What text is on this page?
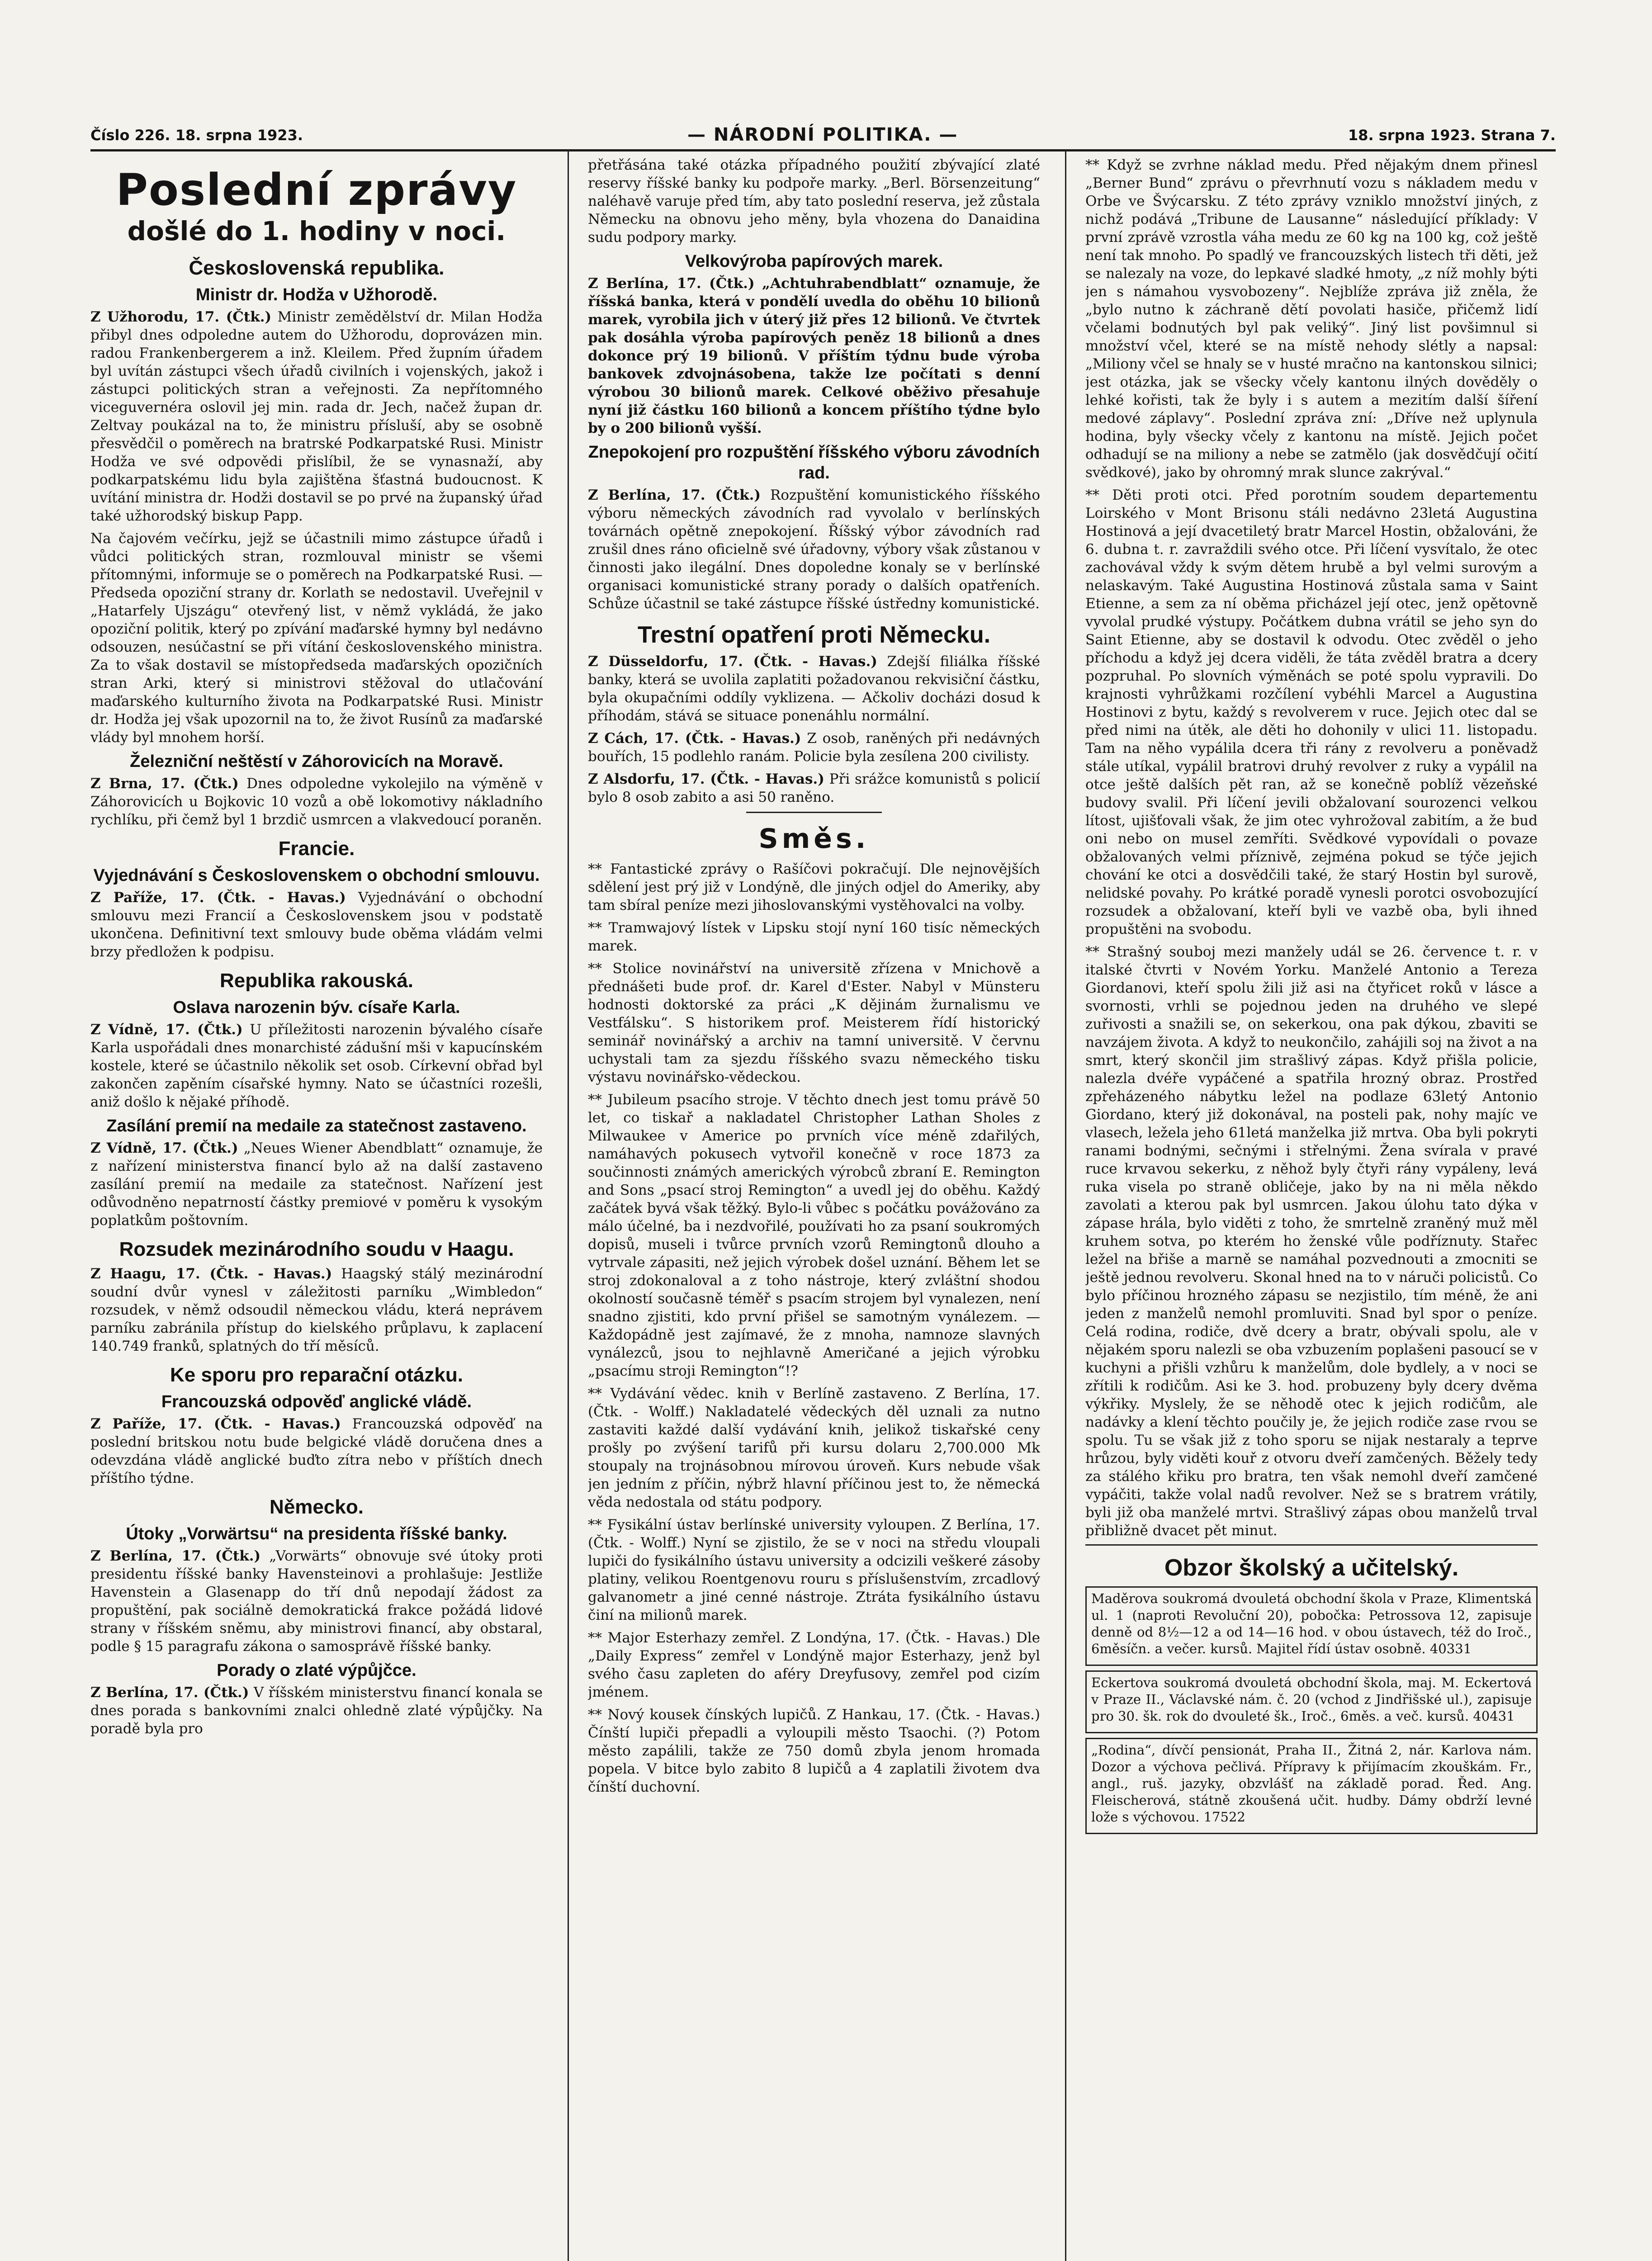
Číslo 226. 18. srpna 1923.	— NÁRODNÍ POLITIKA. —	18. srpna 1923. Strana 7.
Poslední zprávy
došlé do 1. hodiny v noci.
Československá republika.
Ministr dr. Hodža v Užhorodě.

Z Užhorodu, 17. (Čtk.) Ministr zemědělství dr. Milan Hodža přibyl dnes odpoledne autem do Užhorodu, doprovázen min. radou Frankenbergerem a inž. Kleilem. Před župním úřadem byl uvítán zástupci všech úřadů civilních i vojenských, jakož i zástupci politických stran a veřejnosti. Za nepřítomného viceguvernéra oslovil jej min. rada dr. Jech, načež župan dr. Zeltvay poukázal na to, že ministru přísluší, aby se osobně přesvědčil o poměrech na bratrské Podkarpatské Rusi. Ministr Hodža ve své odpovědi přislíbil, že se vynasnaží, aby podkarpatskému lidu byla zajištěna šťastná budoucnost. K uvítání ministra dr. Hodži dostavil se po prvé na županský úřad také užhorodský biskup Papp.

Na čajovém večírku, jejž se účastnili mimo zástupce úřadů i vůdci politických stran, rozmlouval ministr se všemi přítomnými, informuje se o poměrech na Podkarpatské Rusi. — Předseda opoziční strany dr. Korlath se nedostavil. Uveřejnil v „Hatarfely Ujszágu“ otevřený list, v němž vykládá, že jako opoziční politik, který po zpívání maďarské hymny byl nedávno odsouzen, nesúčastní se při vítání československého ministra. Za to však dostavil se místopředseda maďarských opozičních stran Arki, který si ministrovi stěžoval do utlačování maďarského kulturního života na Podkarpatské Rusi. Ministr dr. Hodža jej však upozornil na to, že život Rusínů za maďarské vlády byl mnohem horší.

Železniční neštěstí v Záhorovicích na Moravě.

Z Brna, 17. (Čtk.) Dnes odpoledne vykolejilo na výměně v Záhorovicích u Bojkovic 10 vozů a obě lokomotivy nákladního rychlíku, při čemž byl 1 brzdič usmrcen a vlakvedoucí poraněn.

Francie.
Vyjednávání s Československem o obchodní smlouvu.

Z Paříže, 17. (Čtk. - Havas.) Vyjednávání o obchodní smlouvu mezi Francií a Československem jsou v podstatě ukončena. Definitivní text smlouvy bude oběma vládám velmi brzy předložen k podpisu.

Republika rakouská.
Oslava narozenin býv. císaře Karla.

Z Vídně, 17. (Čtk.) U příležitosti narozenin bývalého císaře Karla uspořádali dnes monarchisté zádušní mši v kapucínském kostele, které se účastnilo několik set osob. Církevní obřad byl zakončen zapěním císařské hymny. Nato se účastníci rozešli, aniž došlo k nějaké příhodě.

Zasílání premií na medaile za statečnost zastaveno.

Z Vídně, 17. (Čtk.) „Neues Wiener Abendblatt“ oznamuje, že z nařízení ministerstva financí bylo až na další zastaveno zasílání premií na medaile za statečnost. Nařízení jest odůvodněno nepatrností částky premiové v poměru k vysokým poplatkům poštovním.

Rozsudek mezinárodního soudu v Haagu.

Z Haagu, 17. (Čtk. - Havas.) Haagský stálý mezinárodní soudní dvůr vynesl v záležitosti parníku „Wimbledon“ rozsudek, v němž odsoudil německou vládu, která neprávem parníku zabránila přístup do kielského průplavu, k zaplacení 140.749 franků, splatných do tří měsíců.

Ke sporu pro reparační otázku.
Francouzská odpověď anglické vládě.

Z Paříže, 17. (Čtk. - Havas.) Francouzská odpověď na poslední britskou notu bude belgické vládě doručena dnes a odevzdána vládě anglické buďto zítra nebo v příštích dnech příštího týdne.

Německo.
Útoky „Vorwärtsu“ na presidenta říšské banky.

Z Berlína, 17. (Čtk.) „Vorwärts“ obnovuje své útoky proti presidentu říšské banky Havensteinovi a prohlašuje: Jestliže Havenstein a Glasenapp do tří dnů nepodají žádost za propuštění, pak sociálně demokratická frakce požádá lidové strany v říšském sněmu, aby ministrovi financí, aby obstaral, podle § 15 paragrafu zákona o samosprávě říšské banky.

Porady o zlaté výpůjčce.

Z Berlína, 17. (Čtk.) V říšském ministerstvu financí konala se dnes porada s bankovními znalci ohledně zlaté výpůjčky. Na poradě byla pro

přetřásána také otázka případného použití zbývající zlaté reservy říšské banky ku podpoře marky. „Berl. Börsenzeitung“ naléhavě varuje před tím, aby tato poslední reserva, jež zůstala Německu na obnovu jeho měny, byla vhozena do Danaidina sudu podpory marky.

Velkovýroba papírových marek.

Z Berlína, 17. (Čtk.) „Achtuhrabendblatt“ oznamuje, že říšská banka, která v pondělí uvedla do oběhu 10 bilionů marek, vyrobila jich v úterý již přes 12 bilionů. Ve čtvrtek pak dosáhla výroba papírových peněz 18 bilionů a dnes dokonce prý 19 bilionů. V příštím týdnu bude výroba bankovek zdvojnásobena, takže lze počítati s denní výrobou 30 bilionů marek. Celkové oběživo přesahuje nyní již částku 160 bilionů a koncem příštího týdne bylo by o 200 bilionů vyšší.

Znepokojení pro rozpuštění říšského výboru závodních rad.

Z Berlína, 17. (Čtk.) Rozpuštění komunistického říšského výboru německých závodních rad vyvolalo v berlínských továrnách opětně znepokojení. Říšský výbor závodních rad zrušil dnes ráno oficielně své úřadovny, výbory však zůstanou v činnosti jako ilegální. Dnes dopoledne konaly se v berlínské organisaci komunistické strany porady o dalších opatřeních. Schůze účastnil se také zástupce říšské ústředny komunistické.

Trestní opatření proti Německu.

Z Düsseldorfu, 17. (Čtk. - Havas.) Zdejší filiálka říšské banky, která se uvolila zaplatiti požadovanou rekvisiční částku, byla okupačními oddíly vyklizena. — Ačkoliv docházi dosud k příhodám, stává se situace ponenáhlu normální.

Z Cách, 17. (Čtk. - Havas.) Z osob, raněných při nedávných bouřích, 15 podlehlo ranám. Policie byla zesílena 200 civilisty.

Z Alsdorfu, 17. (Čtk. - Havas.) Při srážce komunistů s policií bylo 8 osob zabito a asi 50 raněno.

Směs.

** Fantastické zprávy o Rašíčovi pokračují. Dle nejnovějších sdělení jest prý již v Londýně, dle jiných odjel do Ameriky, aby tam sbíral peníze mezi jihoslovanskými vystěhovalci na volby.

** Tramwajový lístek v Lipsku stojí nyní 160 tisíc německých marek.

** Stolice novinářství na universitě zřízena v Mnichově a přednášeti bude prof. dr. Karel d'Ester. Nabyl v Münsteru hodnosti doktorské za práci „K dějinám žurnalismu ve Vestfálsku“. S historikem prof. Meisterem řídí historický seminář novinářský a archiv na tamní universitě. V červnu uchystali tam za sjezdu říšského svazu německého tisku výstavu novinářsko-vědeckou.

** Jubileum psacího stroje. V těchto dnech jest tomu právě 50 let, co tiskař a nakladatel Christopher Lathan Sholes z Milwaukee v Americe po prvních více méně zdařilých, namáhavých pokusech vytvořil konečně v roce 1873 za součinnosti známých amerických výrobců zbraní E. Remington and Sons „psací stroj Remington“ a uvedl jej do oběhu. Každý začátek byvá však těžký. Bylo-li vůbec s počátku povážováno za málo účelné, ba i nezdvořilé, používati ho za psaní soukromých dopisů, museli i tvůrce prvních vzorů Remingtonů dlouho a vytrvale zápasiti, než jejich výrobek došel uznání. Během let se stroj zdokonaloval a z toho nástroje, který zvláštní shodou okolností současně téměř s psacím strojem byl vynalezen, není snadno zjistiti, kdo první přišel se samotným vynálezem. — Každopádně jest zajímavé, že z mnoha, namnoze slavných vynálezců, jsou to nejhlavně Američané a jejich výrobku „psacímu stroji Remington“!?

** Vydávání vědec. knih v Berlíně zastaveno. Z Berlína, 17. (Čtk. - Wolff.) Nakladatelé vědeckých děl uznali za nutno zastaviti každé další vydávání knih, jelikož tiskařské ceny prošly po zvýšení tarifů při kursu dolaru 2,700.000 Mk stoupaly na trojnásobnou mírovou úroveň. Kurs nebude však jen jedním z příčin, nýbrž hlavní příčinou jest to, že německá věda nedostala od státu podpory.

** Fysikální ústav berlínské university vyloupen. Z Berlína, 17. (Čtk. - Wolff.) Nyní se zjistilo, že se v noci na středu vloupali lupiči do fysikálního ústavu university a odcizili veškeré zásoby platiny, velikou Roentgenovu rouru s příslušenstvím, zrcadlový galvanometr a jiné cenné nástroje. Ztráta fysikálního ústavu činí na milionů marek.

** Major Esterhazy zemřel. Z Londýna, 17. (Čtk. - Havas.) Dle „Daily Express“ zemřel v Londýně major Esterhazy, jenž byl svého času zapleten do aféry Dreyfusovy, zemřel pod cizím jménem.

** Nový kousek čínských lupičů. Z Hankau, 17. (Čtk. - Havas.) Čínští lupiči přepadli a vyloupili město Tsaochi. (?) Potom město zapálili, takže ze 750 domů zbyla jenom hromada popela. V bitce bylo zabito 8 lupičů a 4 zaplatili životem dva čínští duchovní.

** Když se zvrhne náklad medu. Před nějakým dnem přinesl „Berner Bund“ zprávu o převrhnutí vozu s nákladem medu v Orbe ve Švýcarsku. Z této zprávy vzniklo množství jiných, z nichž podává „Tribune de Lausanne“ následující příklady: V první zprávě vzrostla váha medu ze 60 kg na 100 kg, což ještě není tak mnoho. Po spadlý ve francouzských listech tři děti, jež se nalezaly na voze, do lepkavé sladké hmoty, „z níž mohly býti jen s námahou vysvobozeny“. Nejblíže zpráva již zněla, že „bylo nutno k záchraně dětí povolati hasiče, přičemž lidí včelami bodnutých byl pak veliký“. Jiný list povšimnul si množství včel, které se na místě nehody slétly a napsal: „Miliony včel se hnaly se v husté mračno na kantonskou silnici; jest otázka, jak se všecky včely kantonu ilných dověděly o lehké kořisti, tak že byly i s autem a mezitím další šíření medové záplavy“. Poslední zpráva zní: „Dříve než uplynula hodina, byly všecky včely z kantonu na místě. Jejich počet odhadují se na miliony a nebe se zatmělo (jak dosvědčují očití svědkové), jako by ohromný mrak slunce zakrýval.“

** Děti proti otci. Před porotním soudem departementu Loirského v Mont Brisonu stáli nedávno 23letá Augustina Hostinová a její dvacetiletý bratr Marcel Hostin, obžalováni, že 6. dubna t. r. zavraždili svého otce. Při líčení vysvítalo, že otec zachovával vždy k svým dětem hrubě a byl velmi surovým a nelaskavým. Také Augustina Hostinová zůstala sama v Saint Etienne, a sem za ní oběma přicházel její otec, jenž opětovně vyvolal prudké výstupy. Počátkem dubna vrátil se jeho syn do Saint Etienne, aby se dostavil k odvodu. Otec zvěděl o jeho příchodu a když jej dcera viděli, že táta zvěděl bratra a dcery pozpruhal. Po slovních výměnách se poté spolu vypravili. Do krajnosti vyhrůžkami rozčílení vybéhli Marcel a Augustina Hostinovi z bytu, každý s revolverem v ruce. Jejich otec dal se před nimi na útěk, ale děti ho dohonily v ulici 11. listopadu. Tam na něho vypálila dcera tři rány z revolveru a poněvadž stále utíkal, vypálil bratrovi druhý revolver z ruky a vypálil na otce ještě dalších pět ran, až se konečně poblíž vězeňské budovy svalil. Při líčení jevili obžalovaní sourozenci velkou lítost, ujišťovali však, že jim otec vyhrožoval zabitím, a že bud oni nebo on musel zemříti. Svědkové vypovídali o povaze obžalovaných velmi příznivě, zejména pokud se týče jejich chování ke otci a dosvědčili také, že starý Hostin byl surově, nelidské povahy. Po krátké poradě vynesli porotci osvobozující rozsudek a obžalovaní, kteří byli ve vazbě oba, byli ihned propuštěni na svobodu.

** Strašný souboj mezi manžely udál se 26. července t. r. v italské čtvrti v Novém Yorku. Manželé Antonio a Tereza Giordanovi, kteří spolu žili již asi na čtyřicet roků v lásce a svornosti, vrhli se pojednou jeden na druhého ve slepé zuřivosti a snažili se, on sekerkou, ona pak dýkou, zbaviti se navzájem života. A když to neukončilo, zahájili soj na život a na smrt, který skončil jim strašlivý zápas. Když přišla policie, nalezla dvéře vypáčené a spatřila hrozný obraz. Prostřed zpřeházeného nábytku ležel na podlaze 63letý Antonio Giordano, který již dokonával, na posteli pak, nohy majíc ve vlasech, ležela jeho 61letá manželka již mrtva. Oba byli pokryti ranami bodnými, sečnými i střelnými. Žena svírala v pravé ruce krvavou sekerku, z něhož byly čtyři rány vypáleny, levá ruka visela po straně obličeje, jako by na ni měla někdo zavolati a kterou pak byl usmrcen. Jakou úlohu tato dýka v zápase hrála, bylo viděti z toho, že smrtelně zraněný muž měl kruhem sotva, po kterém ho ženské vůle podříznuty. Stařec ležel na břiše a marně se namáhal pozvednouti a zmocniti se ještě jednou revolveru. Skonal hned na to v náruči policistů. Co bylo příčinou hrozného zápasu se nezjistilo, tím méně, že ani jeden z manželů nemohl promluviti. Snad byl spor o peníze. Celá rodina, rodiče, dvě dcery a bratr, obývali spolu, ale v nějakém sporu nalezli se oba vzbuzením poplašeni pasoucí se v kuchyni a přišli vzhůru k manželům, dole bydlely, a v noci se zřítili k rodičům. Asi ke 3. hod. probuzeny byly dcery dvěma výkřiky. Myslely, že se něhodě otec k jejich rodičům, ale nadávky a klení těchto poučily je, že jejich rodiče zase rvou se spolu. Tu se však již z toho sporu se nijak nestaraly a teprve hrůzou, byly viděti kouř z otvoru dveří zamčených. Běžely tedy za stálého křiku pro bratra, ten však nemohl dveří zamčené vypáčiti, takže volal nadů revolver. Než se s bratrem vrátily, byli již oba manželé mrtvi. Strašlivý zápas obou manželů trval přibližně dvacet pět minut.

Obzor školský a učitelský.

Maděrova soukromá dvouletá obchodní škola v Praze, Klimentská ul. 1 (naproti Revoluční 20), pobočka: Petrossova 12, zapisuje denně od 8½—12 a od 14—16 hod. v obou ústavech, též do Iroč., 6měsíčn. a večer. kursů. Majitel řídí ústav osobně. 40331

Eckertova soukromá dvouletá obchodní škola, maj. M. Eckertová v Praze II., Václavské nám. č. 20 (vchod z Jindřišské ul.), zapisuje pro 30. šk. rok do dvouleté šk., Iroč., 6měs. a več. kursů. 40431

„Rodina“, dívčí pensionát, Praha II., Žitná 2, nár. Karlova nám. Dozor a výchova pečlivá. Přípravy k přijímacím zkouškám. Fr., angl., ruš. jazyky, obzvlášť na základě porad. Řed. Ang. Fleischerová, státně zkoušená učit. hudby. Dámy obdrží levné lože s výchovou. 17522
